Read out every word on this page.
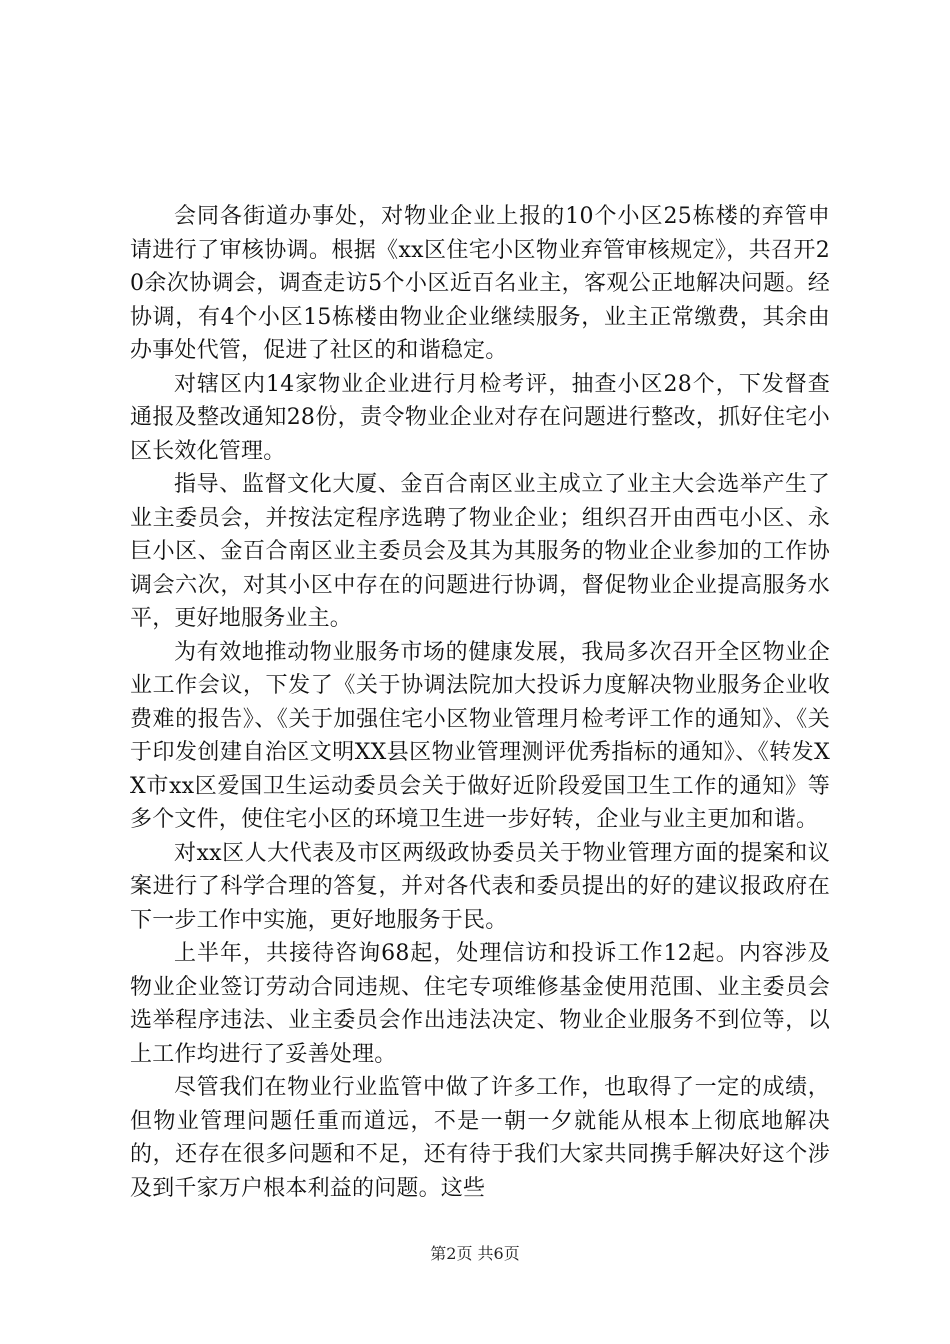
会同各街道办事处，对物业企业上报的10个小区25栋楼的弃管申请进行了审核协调。根据《xx区住宅小区物业弃管审核规定》，共召开20余次协调会，调查走访5个小区近百名业主，客观公正地解决问题。经协调，有4个小区15栋楼由物业企业继续服务，业主正常缴费，其余由办事处代管，促进了社区的和谐稳定。

对辖区内14家物业企业进行月检考评，抽查小区28个，下发督查通报及整改通知28份，责令物业企业对存在问题进行整改，抓好住宅小区长效化管理。

指导、监督文化大厦、金百合南区业主成立了业主大会选举产生了业主委员会，并按法定程序选聘了物业企业；组织召开由西屯小区、永巨小区、金百合南区业主委员会及其为其服务的物业企业参加的工作协调会六次，对其小区中存在的问题进行协调，督促物业企业提高服务水平，更好地服务业主。

为有效地推动物业服务市场的健康发展，我局多次召开全区物业企业工作会议，下发了《关于协调法院加大投诉力度解决物业服务企业收费难的报告》、《关于加强住宅小区物业管理月检考评工作的通知》、《关于印发创建自治区文明XX县区物业管理测评优秀指标的通知》、《转发XX市xx区爱国卫生运动委员会关于做好近阶段爱国卫生工作的通知》等多个文件，使住宅小区的环境卫生进一步好转，企业与业主更加和谐。

对xx区人大代表及市区两级政协委员关于物业管理方面的提案和议案进行了科学合理的答复，并对各代表和委员提出的好的建议报政府在下一步工作中实施，更好地服务于民。

上半年，共接待咨询68起，处理信访和投诉工作12起。内容涉及物业企业签订劳动合同违规、住宅专项维修基金使用范围、业主委员会选举程序违法、业主委员会作出违法决定、物业企业服务不到位等，以上工作均进行了妥善处理。

尽管我们在物业行业监管中做了许多工作，也取得了一定的成绩，但物业管理问题任重而道远，不是一朝一夕就能从根本上彻底地解决的，还存在很多问题和不足，还有待于我们大家共同携手解决好这个涉及到千家万户根本利益的问题。这些

第2页 共6页
